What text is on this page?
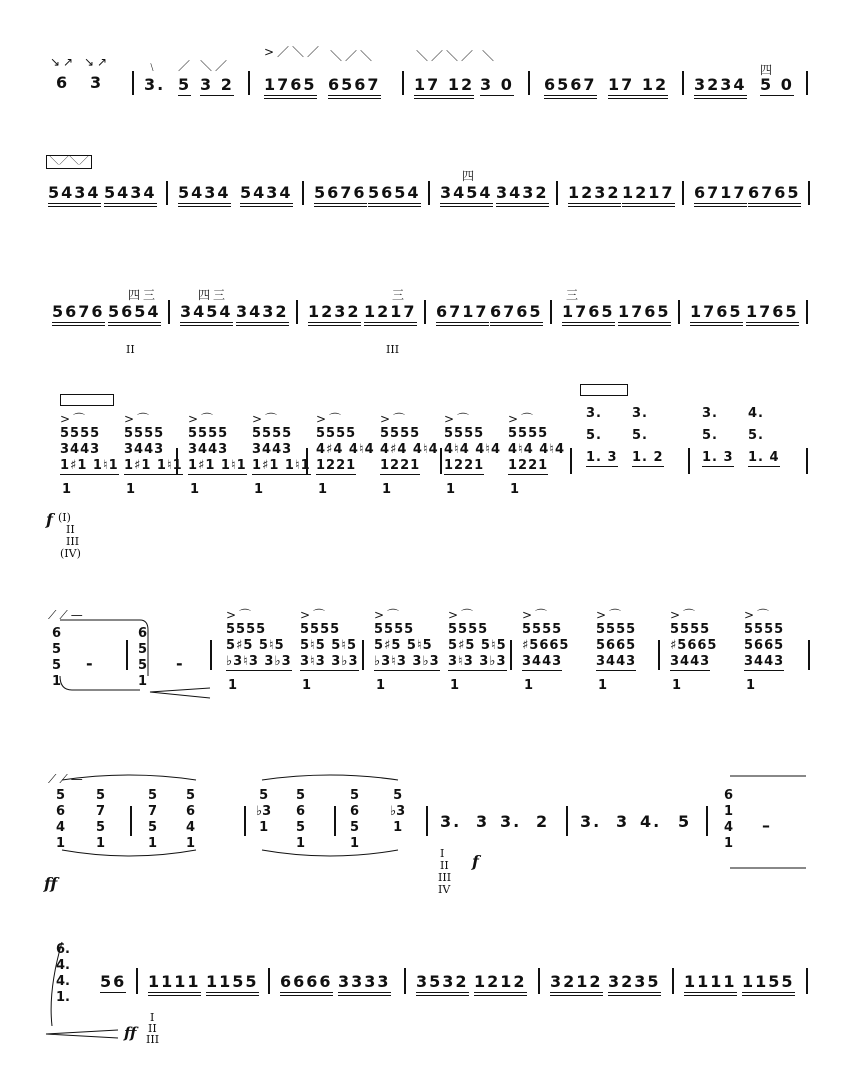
↘↗ ↘↗
6 3
﹨ ／ ＼／
3. 5 3 2
>／＼／ ＼／＼
1765 6567
＼／＼／ ＼
17 12 3 0 6567 17 12
四
3234 5 0
＼／＼／
5434 5434 5434 5434 5676 5654
四
3454 3432 1232 1217 6717 6765
四三
5676 5654
四三
3454 3432
三
1232 1217 6717 6765
三
1765 1765 1765 1765
II	III
>⌒
5555
3443
1♯1 1♮1
1
>⌒
5555
3443
1♯1 1♮1
1
>⌒
5555
3443
1♯1 1♮1
1
>⌒
5555
3443
1♯1 1♮1
1
>⌒
5555
4♯4 4♮4
1221
1
>⌒
5555
4♯4 4♮4
1221
1
>⌒
5555
4♮4 4♮4
1221
1
>⌒
5555
4♮4 4♮4
1221
1
3.
5.
1. 3
3.
5.
1. 2
3.
5.
1. 3
4.
5.
1. 4
f (I)
II
III
(IV)
⟋⟋—
6
5
5
1
-
6
5
5
1
-
>⌒
5555
5♯5 5♮5
♭3♮3 3♭3
1
>⌒
5555
5♮5 5♮5
3♮3 3♭3
1
>⌒
5555
5♯5 5♮5
♭3♮3 3♭3
1
>⌒
5555
5♯5 5♮5
3♮3 3♭3
1
>⌒
5555
♯5665
3443
1
>⌒
5555
5665
3443
1
>⌒
5555
♯5665
3443
1
>⌒
5555
5665
3443
1
⟋⟋—
5
6
4
1
5
7
5
1
5
7
5
1
5
6
4
1
5
♭3
1
5
6
5
1
5
6
5
1
5
♭3
1 3. 3 3. 2 3. 3 4. 5
6
1
4
1
–
ff
f
I
II
III
IV
6.
4.
4.
1.
56 1111 1155 6666 3333 3532 1212 3212 3235 1111 1155
ff
I
II
III
